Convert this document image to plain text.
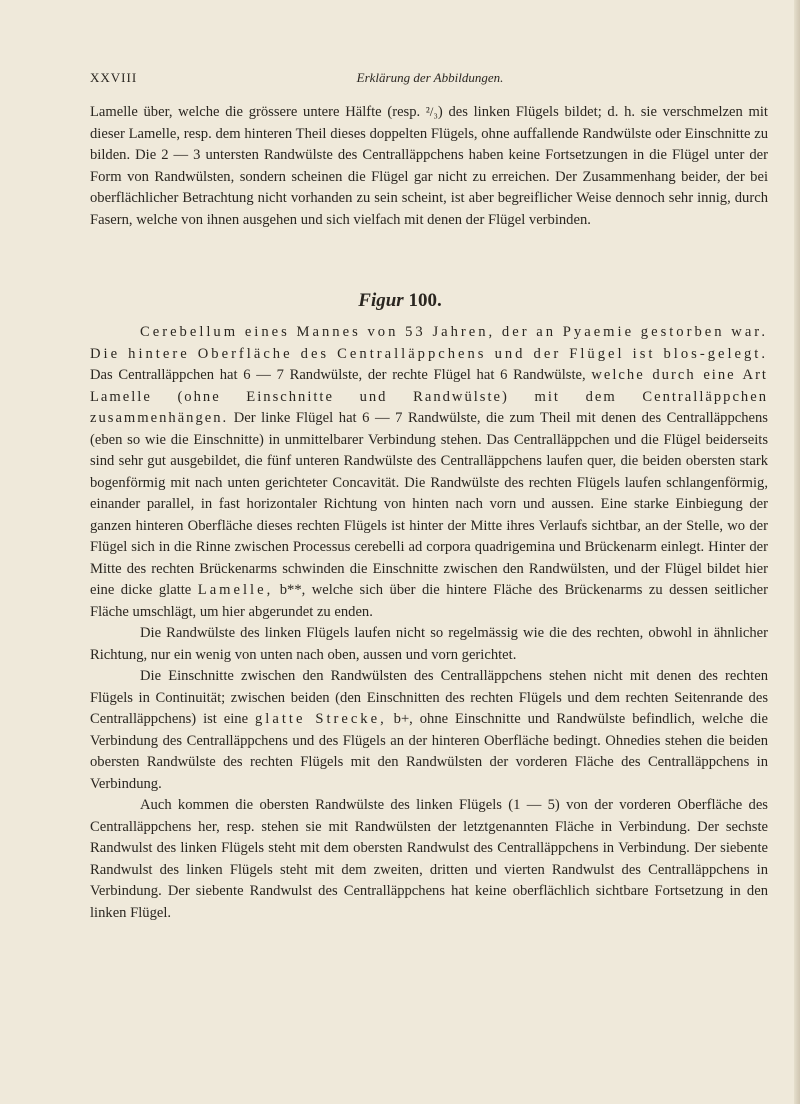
XXVIII	Erklärung der Abbildungen.

Lamelle über, welche die grössere untere Hälfte (resp. ²/₃) des linken Flügels bildet; d. h. sie verschmelzen mit dieser Lamelle, resp. dem hinteren Theil dieses doppelten Flügels, ohne auffallende Randwülste oder Einschnitte zu bilden. Die 2 — 3 untersten Randwülste des Centralläppchens haben keine Fortsetzungen in die Flügel unter der Form von Randwülsten, sondern scheinen die Flügel gar nicht zu erreichen. Der Zusammenhang beider, der bei oberflächlicher Betrachtung nicht vorhanden zu sein scheint, ist aber begreiflicher Weise dennoch sehr innig, durch Fasern, welche von ihnen ausgehen und sich vielfach mit denen der Flügel verbinden.

Figur 100.

Cerebellum eines Mannes von 53 Jahren, der an Pyaemie gestorben war. Die hintere Oberfläche des Centralläppchens und der Flügel ist blos-gelegt. Das Centralläppchen hat 6 — 7 Randwülste, der rechte Flügel hat 6 Randwülste, welche durch eine Art Lamelle (ohne Einschnitte und Randwülste) mit dem Centralläppchen zusammenhängen. Der linke Flügel hat 6 — 7 Randwülste, die zum Theil mit denen des Centralläppchens (eben so wie die Einschnitte) in unmittelbarer Verbindung stehen. Das Centralläppchen und die Flügel beiderseits sind sehr gut ausgebildet, die fünf unteren Randwülste des Centralläppchens laufen quer, die beiden obersten stark bogenförmig mit nach unten gerichteter Concavität. Die Randwülste des rechten Flügels laufen schlangenförmig, einander parallel, in fast horizontaler Richtung von hinten nach vorn und aussen. Eine starke Einbiegung der ganzen hinteren Oberfläche dieses rechten Flügels ist hinter der Mitte ihres Verlaufs sichtbar, an der Stelle, wo der Flügel sich in die Rinne zwischen Processus cerebelli ad corpora quadrigemina und Brückenarm einlegt. Hinter der Mitte des rechten Brückenarms schwinden die Einschnitte zwischen den Randwülsten, und der Flügel bildet hier eine dicke glatte Lamelle, b**, welche sich über die hintere Fläche des Brückenarms zu dessen seitlicher Fläche umschlägt, um hier abgerundet zu enden.

Die Randwülste des linken Flügels laufen nicht so regelmässig wie die des rechten, obwohl in ähnlicher Richtung, nur ein wenig von unten nach oben, aussen und vorn gerichtet.

Die Einschnitte zwischen den Randwülsten des Centralläppchens stehen nicht mit denen des rechten Flügels in Continuität; zwischen beiden (den Einschnitten des rechten Flügels und dem rechten Seitenrande des Centralläppchens) ist eine glatte Strecke, b+, ohne Einschnitte und Randwülste befindlich, welche die Verbindung des Centralläppchens und des Flügels an der hinteren Oberfläche bedingt. Ohnedies stehen die beiden obersten Randwülste des rechten Flügels mit den Randwülsten der vorderen Fläche des Centralläppchens in Verbindung.

Auch kommen die obersten Randwülste des linken Flügels (1 — 5) von der vorderen Oberfläche des Centralläppchens her, resp. stehen sie mit Randwülsten der letztgenannten Fläche in Verbindung. Der sechste Randwulst des linken Flügels steht mit dem obersten Randwulst des Centralläppchens in Verbindung. Der siebente Randwulst des linken Flügels steht mit dem zweiten, dritten und vierten Randwulst des Centralläppchens in Verbindung. Der siebente Randwulst des Centralläppchens hat keine oberflächlich sichtbare Fortsetzung in den linken Flügel.
